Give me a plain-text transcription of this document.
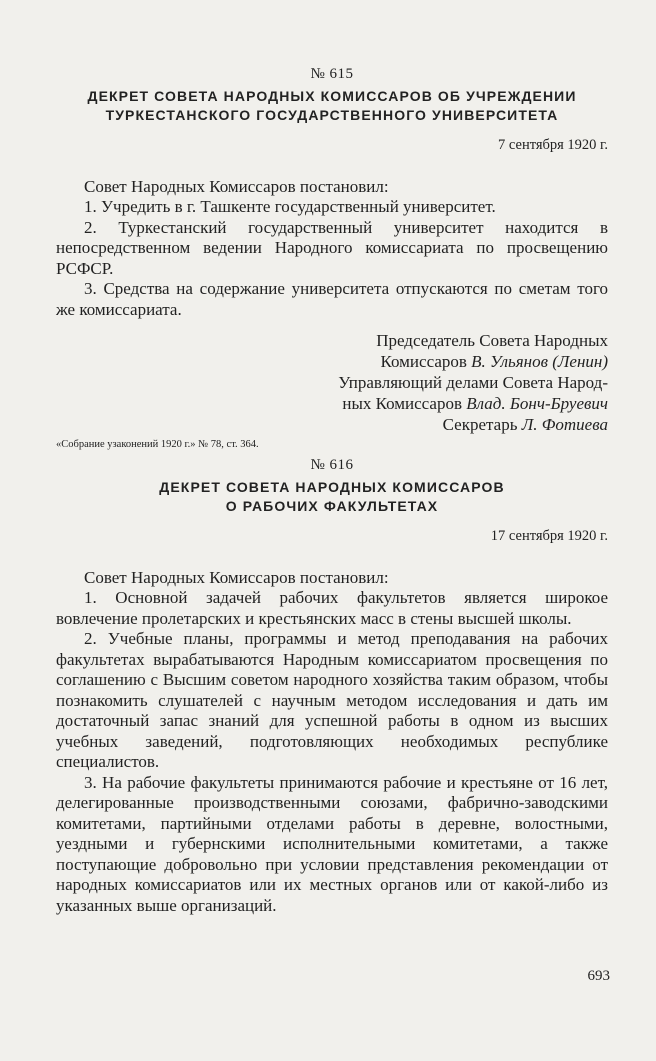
№ 615
ДЕКРЕТ СОВЕТА НАРОДНЫХ КОМИССАРОВ ОБ УЧРЕЖДЕНИИ
ТУРКЕСТАНСКОГО ГОСУДАРСТВЕННОГО УНИВЕРСИТЕТА
7 сентября 1920 г.
Совет Народных Комиссаров постановил:

1. Учредить в г. Ташкенте государственный университет.

2. Туркестанский государственный университет находится в непосредственном ведении Народного комиссариата по просвещению РСФСР.

3. Средства на содержание университета отпускаются по сметам того же комиссариата.

Председатель Совета Народных
Комиссаров В. Ульянов (Ленин)
Управляющий делами Совета Народ-
ных Комиссаров Влад. Бонч-Бруевич
Секретарь Л. Фотиева
«Собрание узаконений 1920 г.» № 78, ст. 364.
№ 616
ДЕКРЕТ СОВЕТА НАРОДНЫХ КОМИССАРОВ
О РАБОЧИХ ФАКУЛЬТЕТАХ
17 сентября 1920 г.
Совет Народных Комиссаров постановил:

1. Основной задачей рабочих факультетов является широкое вовлечение пролетарских и крестьянских масс в стены высшей школы.

2. Учебные планы, программы и метод преподавания на рабочих факультетах вырабатываются Народным комиссариатом просвещения по соглашению с Высшим советом народного хозяйства таким образом, чтобы познакомить слушателей с научным методом исследования и дать им достаточный запас знаний для успешной работы в одном из высших учебных заведений, подготовляющих необходимых республике специалистов.

3. На рабочие факультеты принимаются рабочие и крестьяне от 16 лет, делегированные производственными союзами, фабрично-заводскими комитетами, партийными отделами работы в деревне, волостными, уездными и губернскими исполнительными комитетами, а также поступающие добровольно при условии представления рекомендации от народных комиссариатов или их местных органов или от какой-либо из указанных выше организаций.

693
